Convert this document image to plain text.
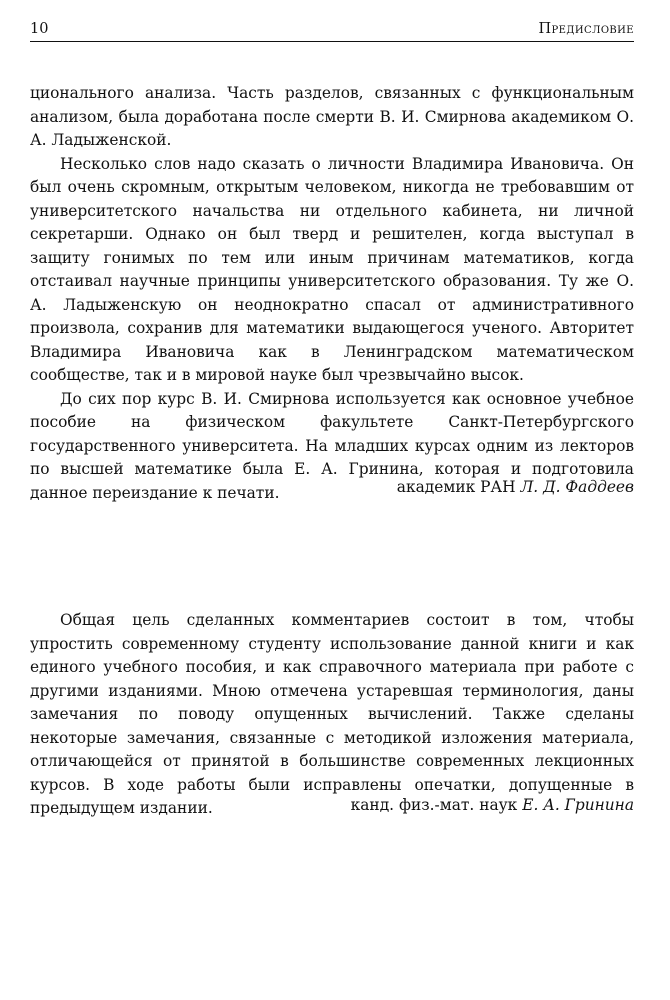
10	Предисловие

ционального анализа. Часть разделов, связанных с функциональным анализом, была доработана после смерти В. И. Смирнова академиком О. А. Ладыженской.

Несколько слов надо сказать о личности Владимира Ивановича. Он был очень скромным, открытым человеком, никогда не требовавшим от университетского начальства ни отдельного кабинета, ни личной секретарши. Однако он был тверд и решителен, когда выступал в защиту гонимых по тем или иным причинам математиков, когда отстаивал научные принципы университетского образования. Ту же О. А. Ладыженскую он неоднократно спасал от административного произвола, сохранив для математики выдающегося ученого. Авторитет Владимира Ивановича как в Ленинградском математическом сообществе, так и в мировой науке был чрезвычайно высок.

До сих пор курс В. И. Смирнова используется как основное учебное пособие на физическом факультете Санкт-Петербургского государственного университета. На младших курсах одним из лекторов по высшей математике была Е. А. Гринина, которая и подготовила данное переиздание к печати.	академик РАН Л. Д. Фаддеев

Общая цель сделанных комментариев состоит в том, чтобы упростить современному студенту использование данной книги и как единого учебного пособия, и как справочного материала при работе с другими изданиями. Мною отмечена устаревшая терминология, даны замечания по поводу опущенных вычислений. Также сделаны некоторые замечания, связанные с методикой изложения материала, отличающейся от принятой в большинстве современных лекционных курсов. В ходе работы были исправлены опечатки, допущенные в предыдущем издании.	канд. физ.-мат. наук Е. А. Гринина
